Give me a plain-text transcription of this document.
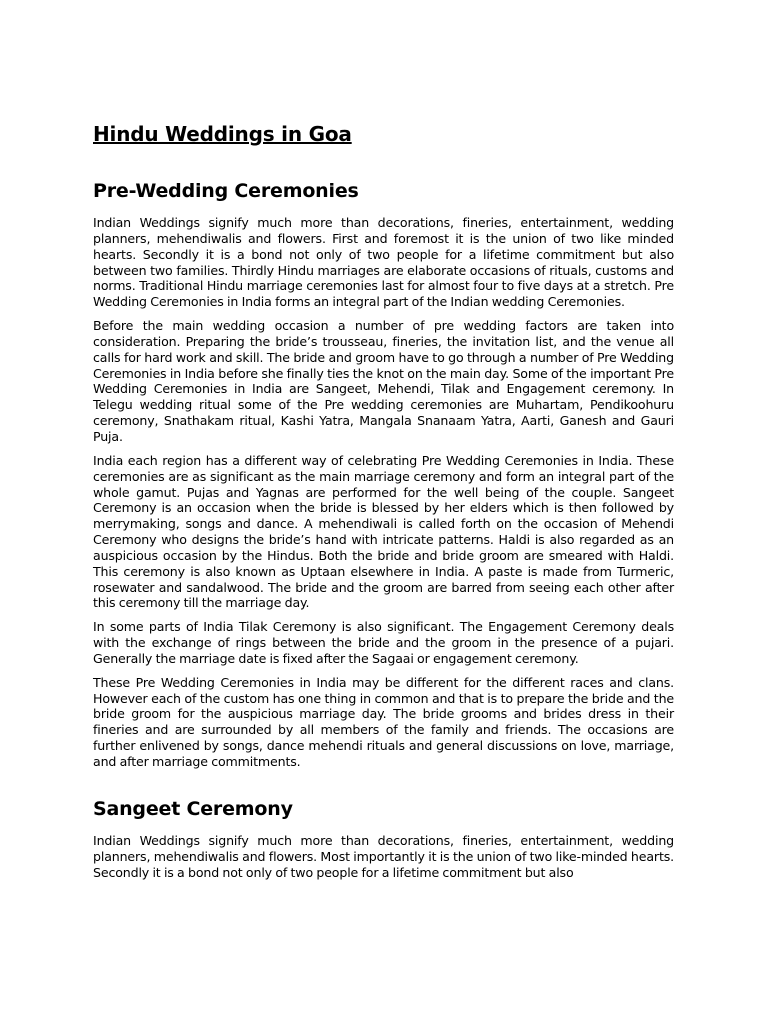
Hindu Weddings in Goa
Pre-Wedding Ceremonies

Indian Weddings signify much more than decorations, fineries, entertainment, wedding planners, mehendiwalis and flowers. First and foremost it is the union of two like minded hearts. Secondly it is a bond not only of two people for a lifetime commitment but also between two families. Thirdly Hindu marriages are elaborate occasions of rituals, customs and norms. Traditional Hindu marriage ceremonies last for almost four to five days at a stretch. Pre Wedding Ceremonies in India forms an integral part of the Indian wedding Ceremonies.

Before the main wedding occasion a number of pre wedding factors are taken into consideration. Preparing the bride’s trousseau, fineries, the invitation list, and the venue all calls for hard work and skill. The bride and groom have to go through a number of Pre Wedding Ceremonies in India before she finally ties the knot on the main day. Some of the important Pre Wedding Ceremonies in India are Sangeet, Mehendi, Tilak and Engagement ceremony. In Telegu wedding ritual some of the Pre wedding ceremonies are Muhartam, Pendikoohuru ceremony, Snathakam ritual, Kashi Yatra, Mangala Snanaam Yatra, Aarti, Ganesh and Gauri Puja.

India each region has a different way of celebrating Pre Wedding Ceremonies in India. These ceremonies are as significant as the main marriage ceremony and form an integral part of the whole gamut. Pujas and Yagnas are performed for the well being of the couple. Sangeet Ceremony is an occasion when the bride is blessed by her elders which is then followed by merrymaking, songs and dance. A mehendiwali is called forth on the occasion of Mehendi Ceremony who designs the bride’s hand with intricate patterns. Haldi is also regarded as an auspicious occasion by the Hindus. Both the bride and bride groom are smeared with Haldi. This ceremony is also known as Uptaan elsewhere in India. A paste is made from Turmeric, rosewater and sandalwood. The bride and the groom are barred from seeing each other after this ceremony till the marriage day.

In some parts of India Tilak Ceremony is also significant. The Engagement Ceremony deals with the exchange of rings between the bride and the groom in the presence of a pujari. Generally the marriage date is fixed after the Sagaai or engagement ceremony.

These Pre Wedding Ceremonies in India may be different for the different races and clans. However each of the custom has one thing in common and that is to prepare the bride and the bride groom for the auspicious marriage day. The bride grooms and brides dress in their fineries and are surrounded by all members of the family and friends. The occasions are further enlivened by songs, dance mehendi rituals and general discussions on love, marriage, and after marriage commitments.

Sangeet Ceremony

Indian Weddings signify much more than decorations, fineries, entertainment, wedding planners, mehendiwalis and flowers. Most importantly it is the union of two like-minded hearts. Secondly it is a bond not only of two people for a lifetime commitment but also
